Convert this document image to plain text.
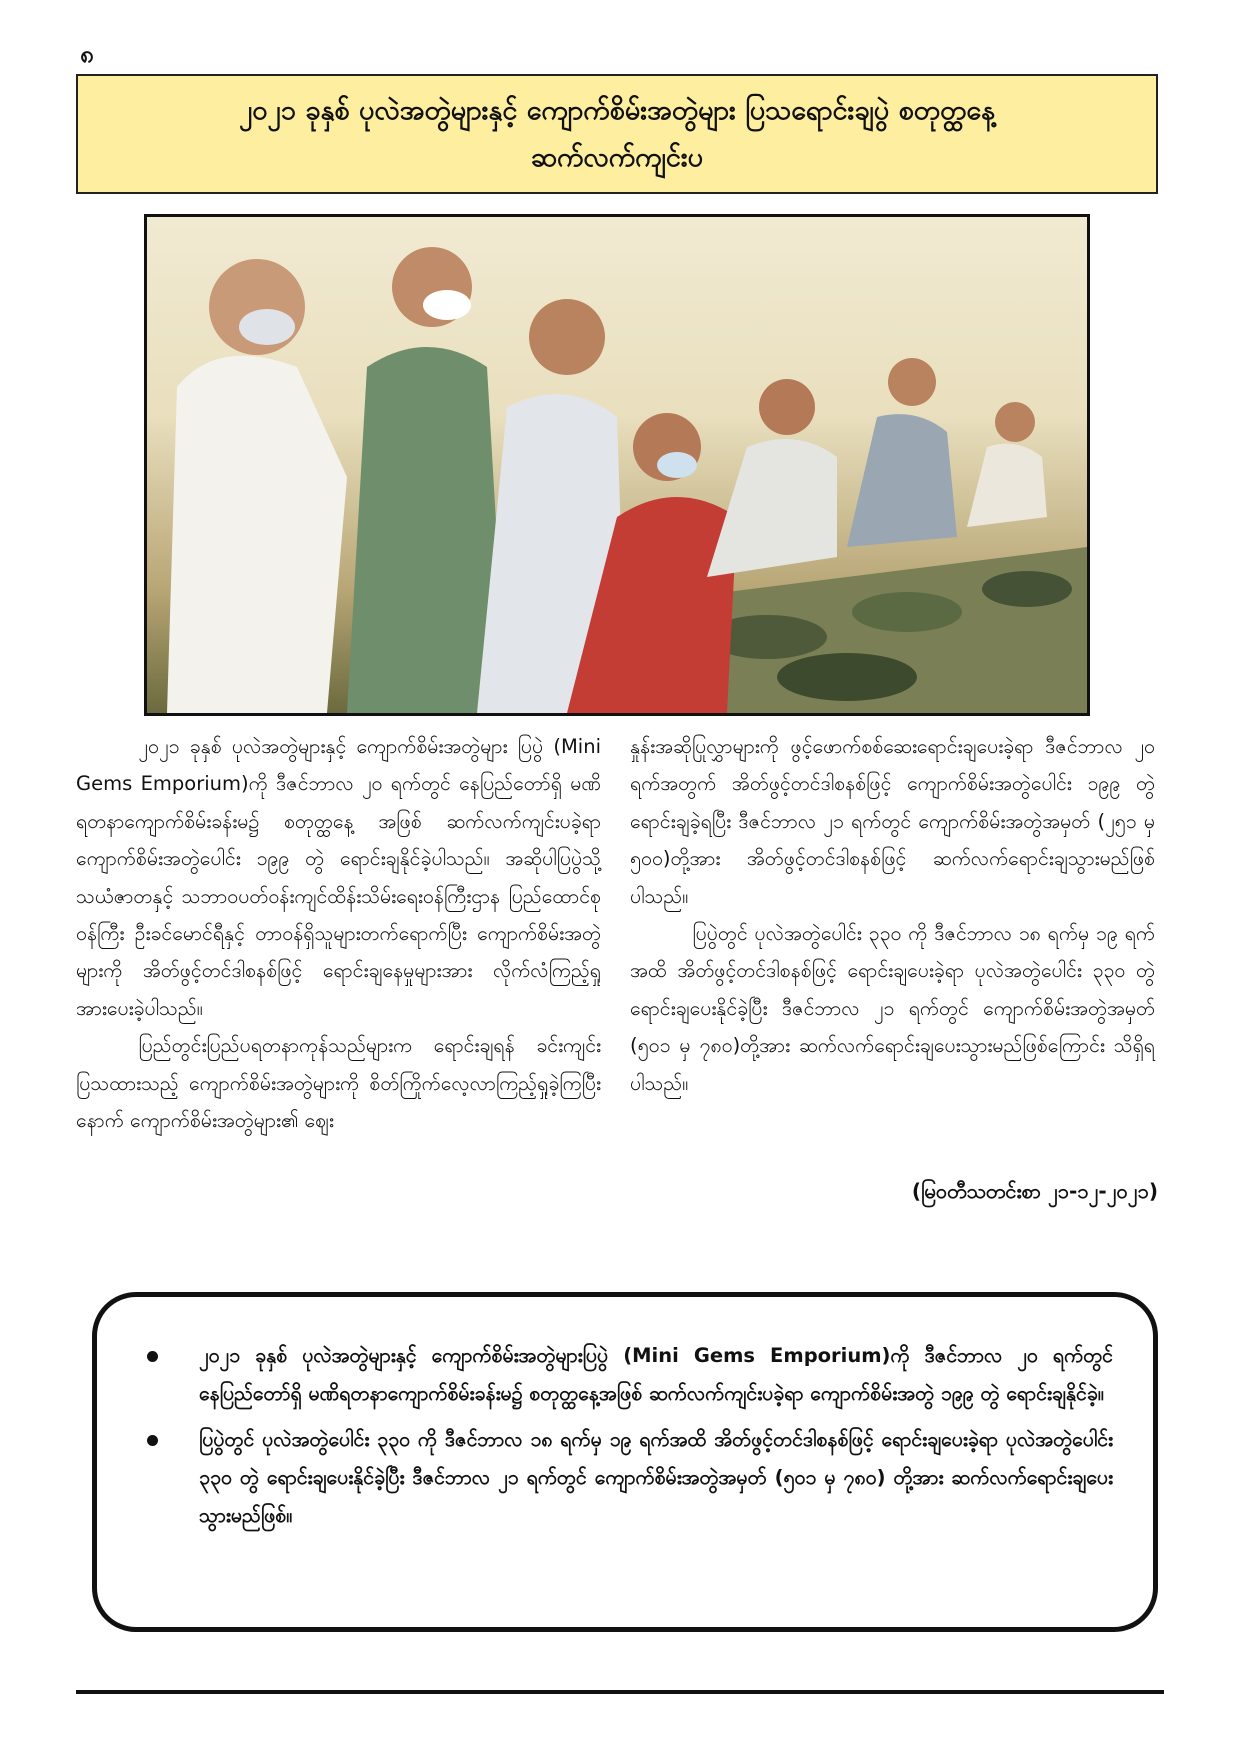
၈
၂၀၂၁ ခုနှစ် ပုလဲအတွဲများနှင့် ကျောက်စိမ်းအတွဲများ ပြသရောင်းချပွဲ စတုတ္ထနေ့
ဆက်လက်ကျင်းပ

၂၀၂၁ ခုနှစ် ပုလဲအတွဲများနှင့် ကျောက်စိမ်းအတွဲများ ပြပွဲ (Mini Gems Emporium)ကို ဒီဇင်ဘာလ ၂၀ ရက်တွင် နေပြည်တော်ရှိ မဏိရတနာကျောက်စိမ်းခန်းမ၌ စတုတ္ထနေ့ အဖြစ် ဆက်လက်ကျင်းပခဲ့ရာ ကျောက်စိမ်းအတွဲပေါင်း ၁၉၉ တွဲ ရောင်းချနိုင်ခဲ့ပါသည်။ အဆိုပါပြပွဲသို့ သယံဇာတနှင့် သဘာဝပတ်ဝန်းကျင်ထိန်းသိမ်းရေးဝန်ကြီးဌာန ပြည်ထောင်စုဝန်ကြီး ဦးခင်မောင်ရီနှင့် တာဝန်ရှိသူများတက်ရောက်ပြီး ကျောက်စိမ်းအတွဲများကို အိတ်ဖွင့်တင်ဒါစနစ်ဖြင့် ရောင်းချနေမှုများအား လိုက်လံကြည့်ရှုအားပေးခဲ့ပါသည်။

ပြည်တွင်းပြည်ပရတနာကုန်သည်များက ရောင်းချရန် ခင်းကျင်းပြသထားသည့် ကျောက်စိမ်းအတွဲများကို စိတ်ကြိုက်လေ့လာကြည့်ရှုခဲ့ကြပြီးနောက် ကျောက်စိမ်းအတွဲများ၏ ဈေး

နှုန်းအဆိုပြုလွှာများကို ဖွင့်ဖောက်စစ်ဆေးရောင်းချပေးခဲ့ရာ ဒီဇင်ဘာလ ၂၀ ရက်အတွက် အိတ်ဖွင့်တင်ဒါစနစ်ဖြင့် ကျောက်စိမ်းအတွဲပေါင်း ၁၉၉ တွဲ ရောင်းချခဲ့ရပြီး ဒီဇင်ဘာလ ၂၁ ရက်တွင် ကျောက်စိမ်းအတွဲအမှတ် (၂၅၁ မှ ၅၀၀)တို့အား အိတ်ဖွင့်တင်ဒါစနစ်ဖြင့် ဆက်လက်ရောင်းချသွားမည်ဖြစ်ပါသည်။

ပြပွဲတွင် ပုလဲအတွဲပေါင်း ၃၃၀ ကို ဒီဇင်ဘာလ ၁၈ ရက်မှ ၁၉ ရက်အထိ အိတ်ဖွင့်တင်ဒါစနစ်ဖြင့် ရောင်းချပေးခဲ့ရာ ပုလဲအတွဲပေါင်း ၃၃၀ တွဲ ရောင်းချပေးနိုင်ခဲ့ပြီး ဒီဇင်ဘာလ ၂၁ ရက်တွင် ကျောက်စိမ်းအတွဲအမှတ် (၅၀၁ မှ ၇၈၀)တို့အား ဆက်လက်ရောင်းချပေးသွားမည်ဖြစ်ကြောင်း သိရှိရပါသည်။

(မြဝတီသတင်းစာ ၂၁-၁၂-၂၀၂၁)
၂၀၂၁ ခုနှစ် ပုလဲအတွဲများနှင့် ကျောက်စိမ်းအတွဲများပြပွဲ (Mini Gems Emporium)ကို ဒီဇင်ဘာလ ၂၀ ရက်တွင် နေပြည်တော်ရှိ မဏိရတနာကျောက်စိမ်းခန်းမ၌ စတုတ္ထနေ့အဖြစ် ဆက်လက်ကျင်းပခဲ့ရာ ကျောက်စိမ်းအတွဲ ၁၉၉ တွဲ ရောင်းချနိုင်ခဲ့။
ပြပွဲတွင် ပုလဲအတွဲပေါင်း ၃၃၀ ကို ဒီဇင်ဘာလ ၁၈ ရက်မှ ၁၉ ရက်အထိ အိတ်ဖွင့်တင်ဒါစနစ်ဖြင့် ရောင်းချပေးခဲ့ရာ ပုလဲအတွဲပေါင်း ၃၃၀ တွဲ ရောင်းချပေးနိုင်ခဲ့ပြီး ဒီဇင်ဘာလ ၂၁ ရက်တွင် ကျောက်စိမ်းအတွဲအမှတ် (၅၀၁ မှ ၇၈၀) တို့အား ဆက်လက်ရောင်းချပေးသွားမည်ဖြစ်။
